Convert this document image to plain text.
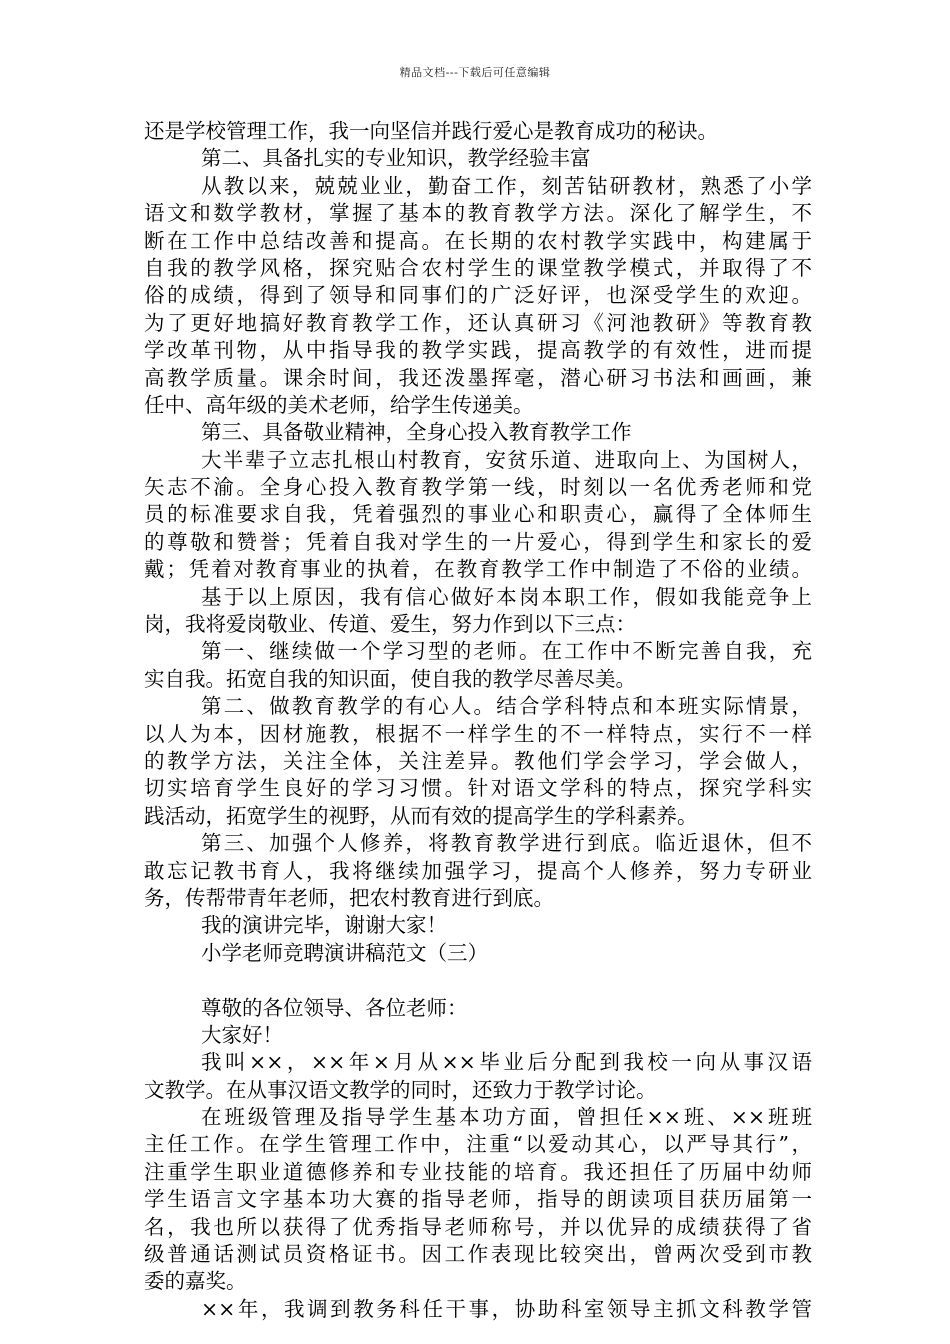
精品文档---下载后可任意编辑
还是学校管理工作，我一向坚信并践行爱心是教育成功的秘诀。
第二、具备扎实的专业知识，教学经验丰富
从教以来，兢兢业业，勤奋工作，刻苦钻研教材，熟悉了小学
语文和数学教材，掌握了基本的教育教学方法。深化了解学生，不
断在工作中总结改善和提高。在长期的农村教学实践中，构建属于
自我的教学风格，探究贴合农村学生的课堂教学模式，并取得了不
俗的成绩，得到了领导和同事们的广泛好评，也深受学生的欢迎。
为了更好地搞好教育教学工作，还认真研习《河池教研》等教育教
学改革刊物，从中指导我的教学实践，提高教学的有效性，进而提
高教学质量。课余时间，我还泼墨挥毫，潜心研习书法和画画，兼
任中、高年级的美术老师，给学生传递美。
第三、具备敬业精神，全身心投入教育教学工作
大半辈子立志扎根山村教育，安贫乐道、进取向上、为国树人，
矢志不渝。全身心投入教育教学第一线，时刻以一名优秀老师和党
员的标准要求自我，凭着强烈的事业心和职责心，赢得了全体师生
的尊敬和赞誉；凭着自我对学生的一片爱心，得到学生和家长的爱
戴；凭着对教育事业的执着，在教育教学工作中制造了不俗的业绩。
基于以上原因，我有信心做好本岗本职工作，假如我能竞争上
岗，我将爱岗敬业、传道、爱生，努力作到以下三点：
第一、继续做一个学习型的老师。在工作中不断完善自我，充
实自我。拓宽自我的知识面，使自我的教学尽善尽美。
第二、做教育教学的有心人。结合学科特点和本班实际情景，
以人为本，因材施教，根据不一样学生的不一样特点，实行不一样
的教学方法，关注全体，关注差异。教他们学会学习，学会做人，
切实培育学生良好的学习习惯。针对语文学科的特点，探究学科实
践活动，拓宽学生的视野，从而有效的提高学生的学科素养。
第三、加强个人修养，将教育教学进行到底。临近退休，但不
敢忘记教书育人，我将继续加强学习，提高个人修养，努力专研业
务，传帮带青年老师，把农村教育进行到底。
我的演讲完毕，谢谢大家！
小学老师竞聘演讲稿范文（三）
尊敬的各位领导、各位老师：
大家好！
我叫××，××年×月从××毕业后分配到我校一向从事汉语
文教学。在从事汉语文教学的同时，还致力于教学讨论。
在班级管理及指导学生基本功方面，曾担任××班、××班班
主任工作。在学生管理工作中，注重“以爱动其心，以严导其行”，
注重学生职业道德修养和专业技能的培育。我还担任了历届中幼师
学生语言文字基本功大赛的指导老师，指导的朗读项目获历届第一
名，我也所以获得了优秀指导老师称号，并以优异的成绩获得了省
级普通话测试员资格证书。因工作表现比较突出，曾两次受到市教
委的嘉奖。
××年，我调到教务科任干事，协助科室领导主抓文科教学管
